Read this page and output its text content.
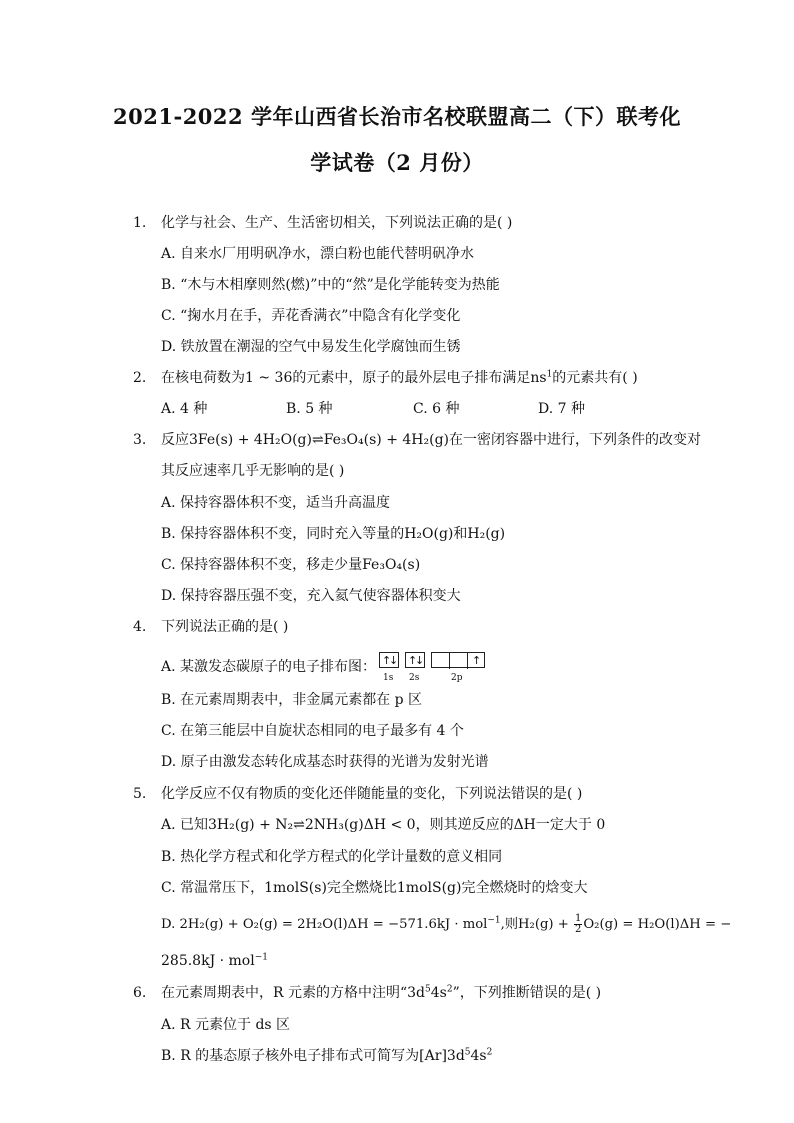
2021-2022 学年山西省长治市名校联盟高二（下）联考化
学试卷（2 月份）
1. 化学与社会、生产、生活密切相关，下列说法正确的是( )
A. 自来水厂用明矾净水，漂白粉也能代替明矾净水
B. “木与木相摩则然(燃)”中的“然”是化学能转变为热能
C. “掬水月在手，弄花香满衣”中隐含有化学变化
D. 铁放置在潮湿的空气中易发生化学腐蚀而生锈
2. 在核电荷数为1 ~ 36的元素中，原子的最外层电子排布满足$ns^1$的元素共有( )
A. 4 种	B. 5 种	C. 6 种	D. 7 种
3. 反应3Fe(s) + 4H₂O(g)⇌Fe₃O₄(s) + 4H₂(g)在一密闭容器中进行，下列条件的改变对
其反应速率几乎无影响的是( )
A. 保持容器体积不变，适当升高温度
B. 保持容器体积不变，同时充入等量的H₂O(g)和H₂(g)
C. 保持容器体积不变，移走少量Fe₃O₄(s)
D. 保持容器压强不变，充入氦气使容器体积变大
4. 下列说法正确的是( )
A. 某激发态碳原子的电子排布图： ↑
↓ ↑
↓	↑
1s 2s	2p
B. 在元素周期表中，非金属元素都在 p 区
C. 在第三能层中自旋状态相同的电子最多有 4 个
D. 原子由激发态转化成基态时获得的光谱为发射光谱
5. 化学反应不仅有物质的变化还伴随能量的变化，下列说法错误的是( )
A. 已知3H₂(g) + N₂⇌2NH₃(g)ΔH < 0，则其逆反应的ΔH一定大于 0
B. 热化学方程式和化学方程式的化学计量数的意义相同
C. 常温常压下，1molS(s)完全燃烧比1molS(g)完全燃烧时的焓变大
D. 2H₂(g) + O₂(g) = 2H₂O(l)ΔH = −571.6kJ · mol$^{-1}$,则$H_2(g) + \frac{1}{2} O_2(g) = H_2O(l)\Delta H$ = −
285.8kJ · mol$^{-1}$
6. 在元素周期表中，R 元素的方格中注明“$3d^54s^2$”，下列推断错误的是( )
A. R 元素位于 ds 区
B. R 的基态原子核外电子排布式可简写为$[Ar]3d^54s^2$
